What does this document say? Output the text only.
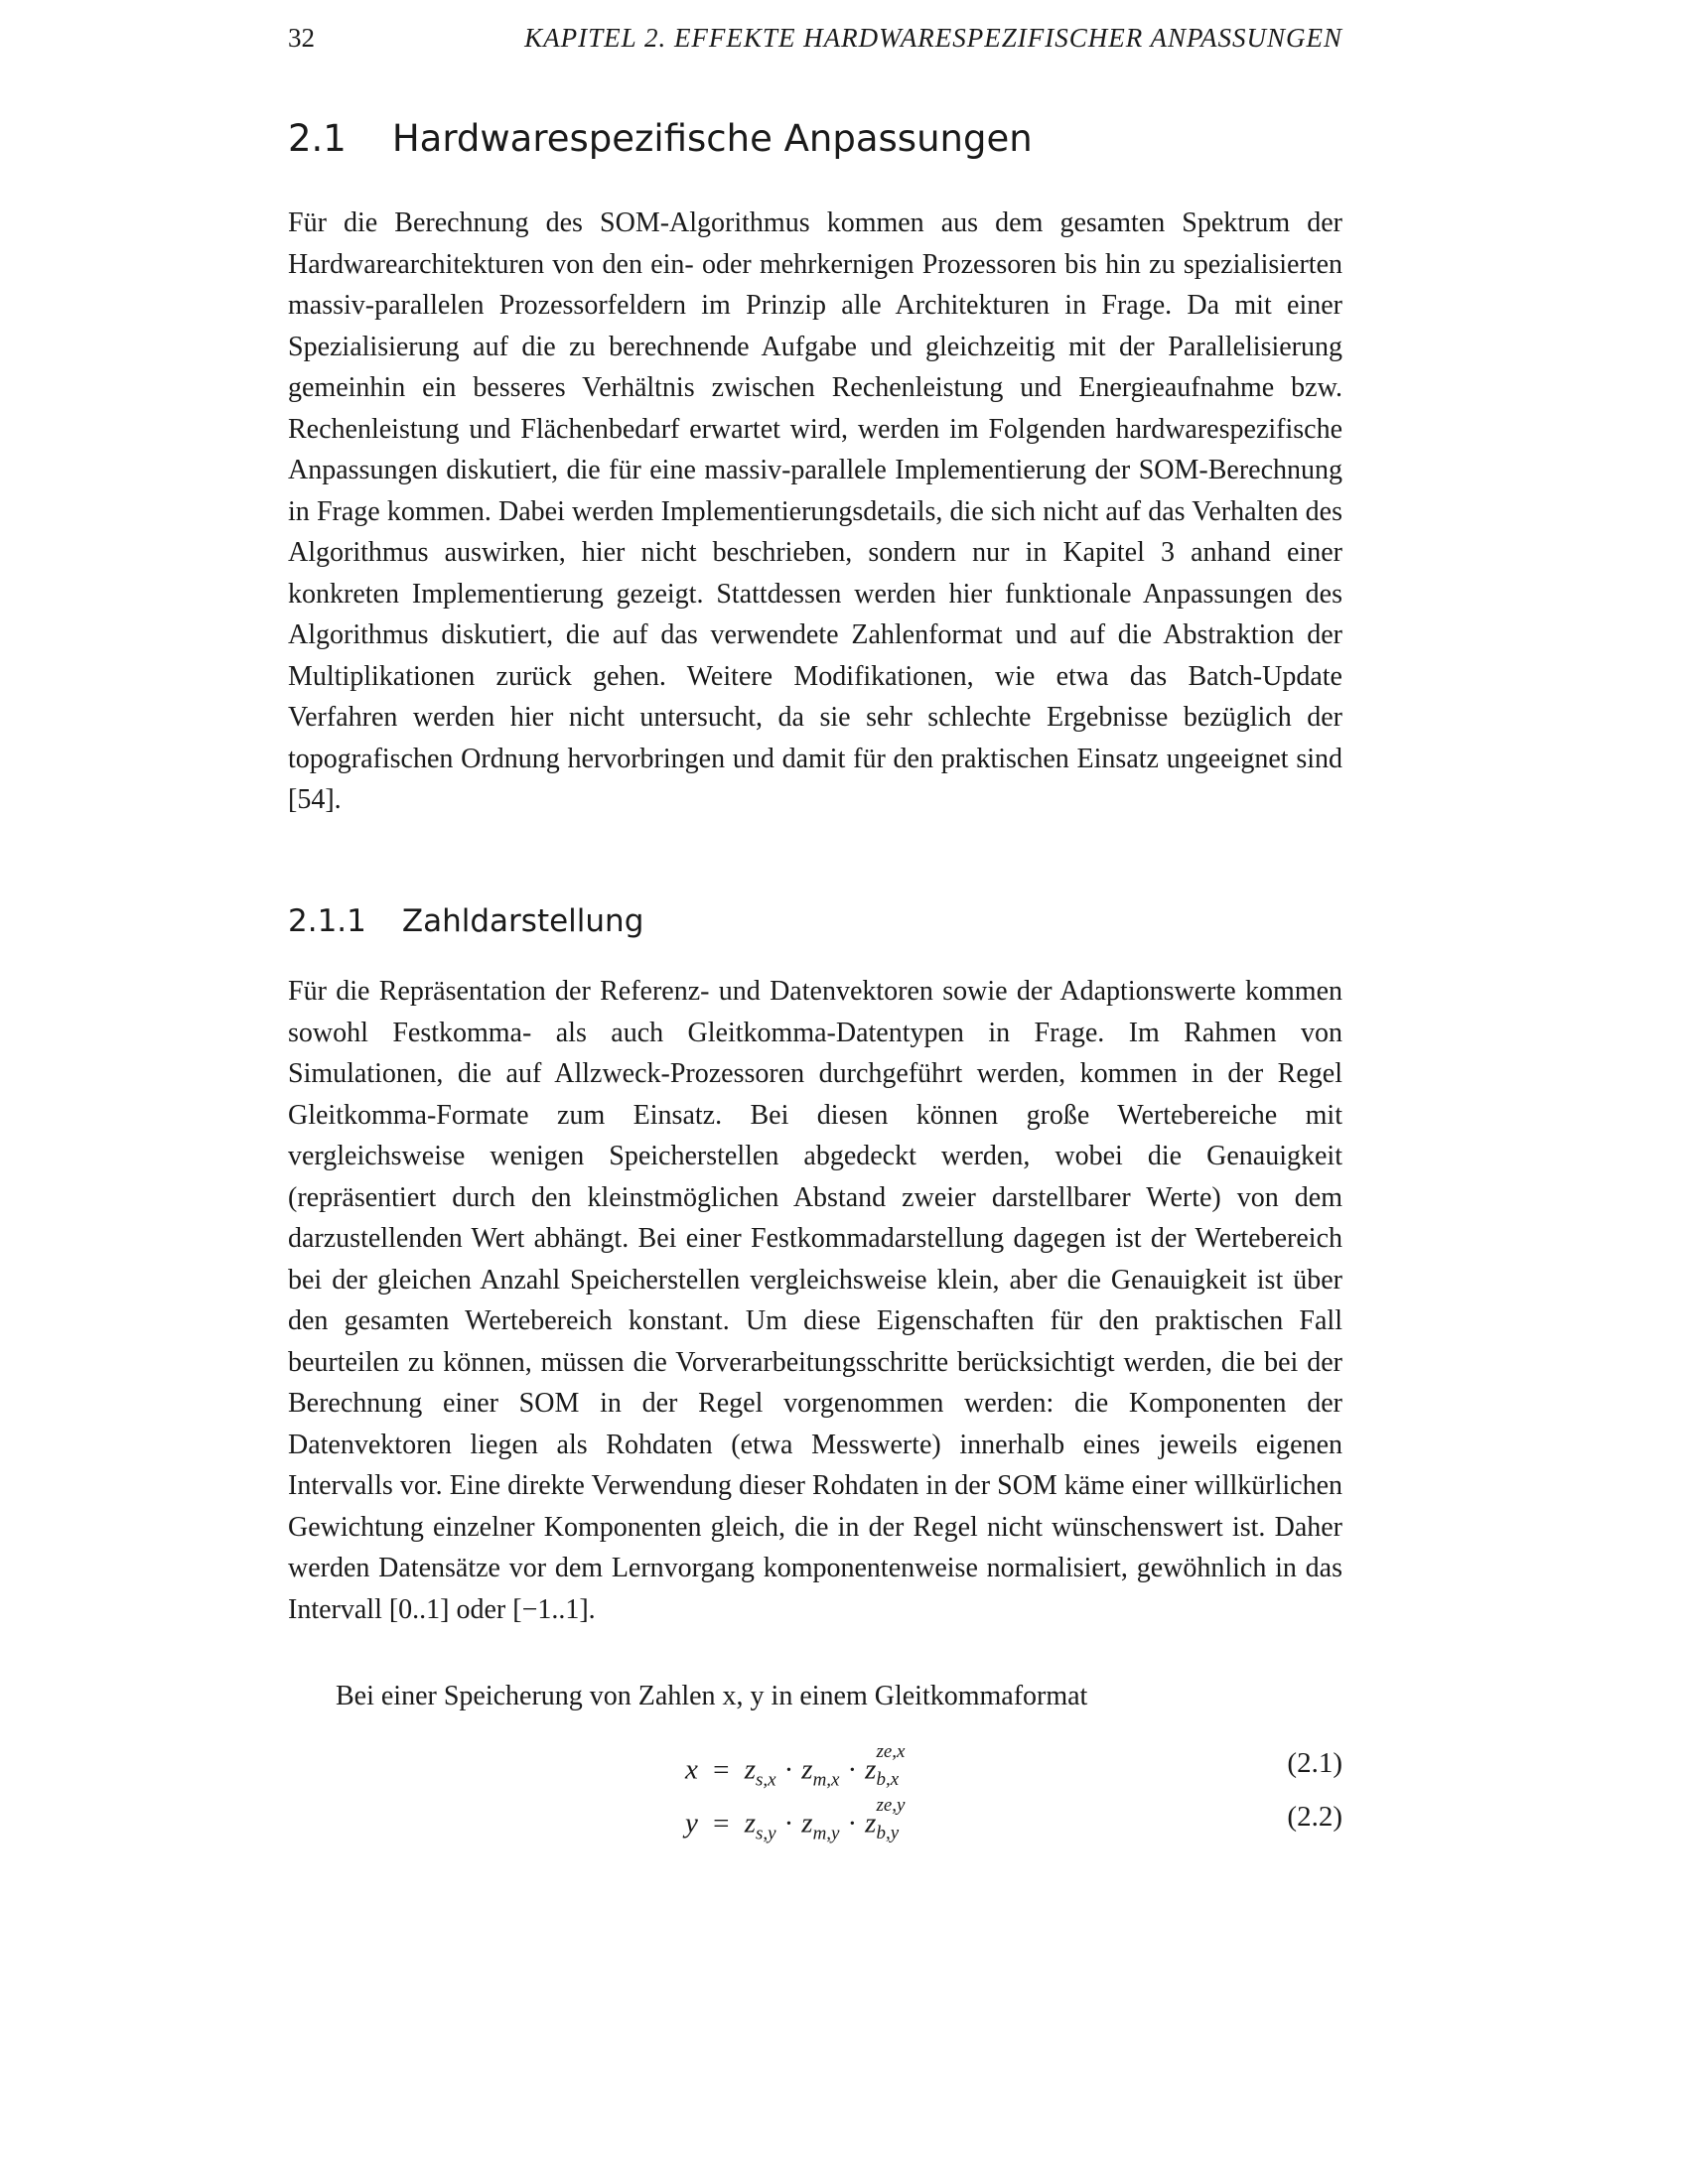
32	KAPITEL 2. EFFEKTE HARDWARESPEZIFISCHER ANPASSUNGEN
2.1 Hardwarespezifische Anpassungen

Für die Berechnung des SOM-Algorithmus kommen aus dem gesamten Spektrum der Hardwarearchitekturen von den ein- oder mehrkernigen Prozessoren bis hin zu spezialisierten massiv-parallelen Prozessorfeldern im Prinzip alle Architekturen in Frage. Da mit einer Spezialisierung auf die zu berechnende Aufgabe und gleichzeitig mit der Parallelisierung gemeinhin ein besseres Verhältnis zwischen Rechenleistung und Energieaufnahme bzw. Rechenleistung und Flächenbedarf erwartet wird, werden im Folgenden hardwarespezifische Anpassungen diskutiert, die für eine massiv-parallele Implementierung der SOM-Berechnung in Frage kommen. Dabei werden Implementierungsdetails, die sich nicht auf das Verhalten des Algorithmus auswirken, hier nicht beschrieben, sondern nur in Kapitel 3 anhand einer konkreten Implementierung gezeigt. Stattdessen werden hier funktionale Anpassungen des Algorithmus diskutiert, die auf das verwendete Zahlenformat und auf die Abstraktion der Multiplikationen zurück gehen. Weitere Modifikationen, wie etwa das Batch-Update Verfahren werden hier nicht untersucht, da sie sehr schlechte Ergebnisse bezüglich der topografischen Ordnung hervorbringen und damit für den praktischen Einsatz ungeeignet sind [54].

2.1.1 Zahldarstellung

Für die Repräsentation der Referenz- und Datenvektoren sowie der Adaptionswerte kommen sowohl Festkomma- als auch Gleitkomma-Datentypen in Frage. Im Rahmen von Simulationen, die auf Allzweck-Prozessoren durchgeführt werden, kommen in der Regel Gleitkomma-Formate zum Einsatz. Bei diesen können große Wertebereiche mit vergleichsweise wenigen Speicherstellen abgedeckt werden, wobei die Genauigkeit (repräsentiert durch den kleinstmöglichen Abstand zweier darstellbarer Werte) von dem darzustellenden Wert abhängt. Bei einer Festkommadarstellung dagegen ist der Wertebereich bei der gleichen Anzahl Speicherstellen vergleichsweise klein, aber die Genauigkeit ist über den gesamten Wertebereich konstant. Um diese Eigenschaften für den praktischen Fall beurteilen zu können, müssen die Vorverarbeitungsschritte berücksichtigt werden, die bei der Berechnung einer SOM in der Regel vorgenommen werden: die Komponenten der Datenvektoren liegen als Rohdaten (etwa Messwerte) innerhalb eines jeweils eigenen Intervalls vor. Eine direkte Verwendung dieser Rohdaten in der SOM käme einer willkürlichen Gewichtung einzelner Komponenten gleich, die in der Regel nicht wünschenswert ist. Daher werden Datensätze vor dem Lernvorgang komponentenweise normalisiert, gewöhnlich in das Intervall [0..1] oder [−1..1].

Bei einer Speicherung von Zahlen x, y in einem Gleitkommaformat

$x = z_{s,x} \cdot z_{m,x} \cdot z$
ze,x
b,x
(2.1)
$y = z_{s,y} \cdot z_{m,y} \cdot z$
ze,y
b,y
(2.2)
